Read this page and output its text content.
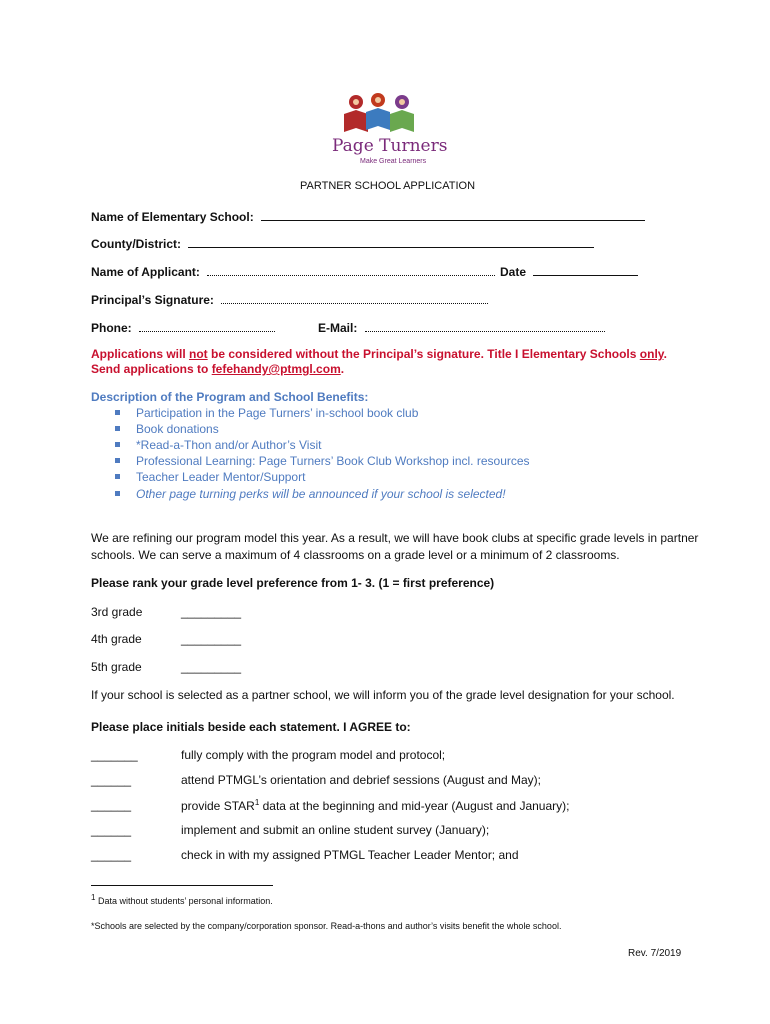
Page Turners
Make Great Learners
PARTNER SCHOOL APPLICATION
Name of Elementary School:
County/District:
Name of Applicant:	Date
Principal’s Signature:
Phone:	E-Mail:
Applications will not be considered without the Principal’s signature. Title I Elementary Schools only.
Send applications to fefehandy@ptmgl.com.
Description of the Program and School Benefits:
Participation in the Page Turners’ in-school book club
Book donations
*Read-a-Thon and/or Author’s Visit
Professional Learning: Page Turners’ Book Club Workshop incl. resources
Teacher Leader Mentor/Support
Other page turning perks will be announced if your school is selected!
We are refining our program model this year. As a result, we will have book clubs at specific grade levels in partner
schools. We can serve a maximum of 4 classrooms on a grade level or a minimum of 2 classrooms.
Please rank your grade level preference from 1- 3. (1 = first preference)
3rd grade	_________
4th grade	_________
5th grade	_________
If your school is selected as a partner school, we will inform you of the grade level designation for your school.
Please place initials beside each statement. I AGREE to:
_______	fully comply with the program model and protocol;
______	attend PTMGL’s orientation and debrief sessions (August and May);
______	provide STAR$^1$ data at the beginning and mid-year (August and January);
______	implement and submit an online student survey (January);
______	check in with my assigned PTMGL Teacher Leader Mentor; and
1 Data without students’ personal information.
*Schools are selected by the company/corporation sponsor. Read-a-thons and author’s visits benefit the whole school.
Rev. 7/2019
